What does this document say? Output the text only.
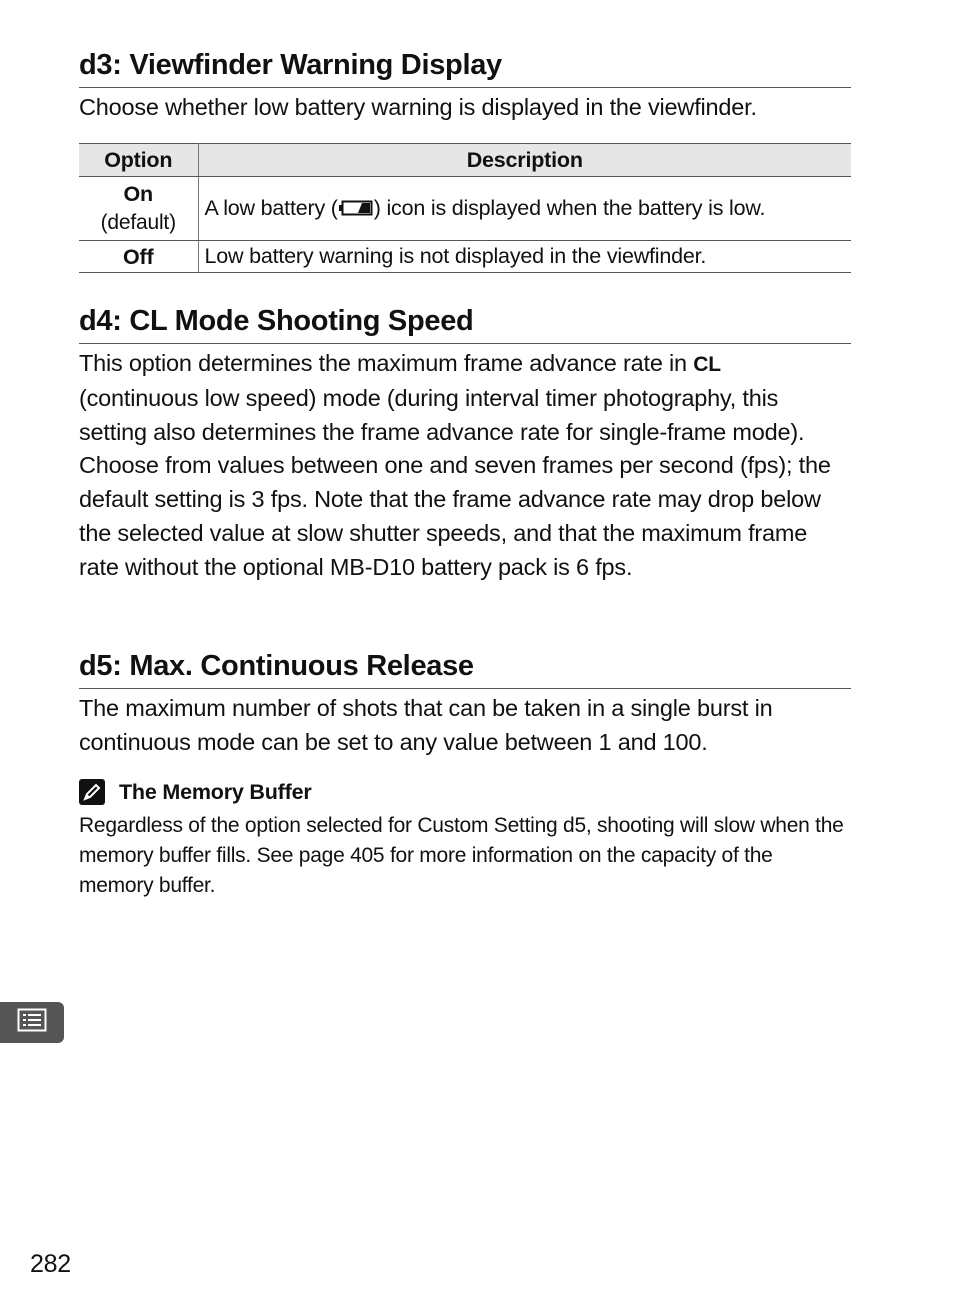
d3: Viewfinder Warning Display
Choose whether low battery warning is displayed in the viewfinder.
Option	Description

On
(default)	A low battery ( ) icon is displayed when the battery is low.

Off	Low battery warning is not displayed in the viewfinder.
d4: CL Mode Shooting Speed
This option determines the maximum frame advance rate in CL
(continuous low speed) mode (during interval timer photography, this setting also determines the frame advance rate for single-frame mode). Choose from values between one and seven frames per second (fps); the default setting is 3 fps. Note that the frame advance rate may drop below the selected value at slow shutter speeds, and that the maximum frame rate without the optional MB-D10 battery pack is 6 fps.
d5: Max. Continuous Release
The maximum number of shots that can be taken in a single burst in continuous mode can be set to any value between 1 and 100.
The Memory Buffer
Regardless of the option selected for Custom Setting d5, shooting will slow when the memory buffer fills. See page 405 for more information on the capacity of the memory buffer.
282
